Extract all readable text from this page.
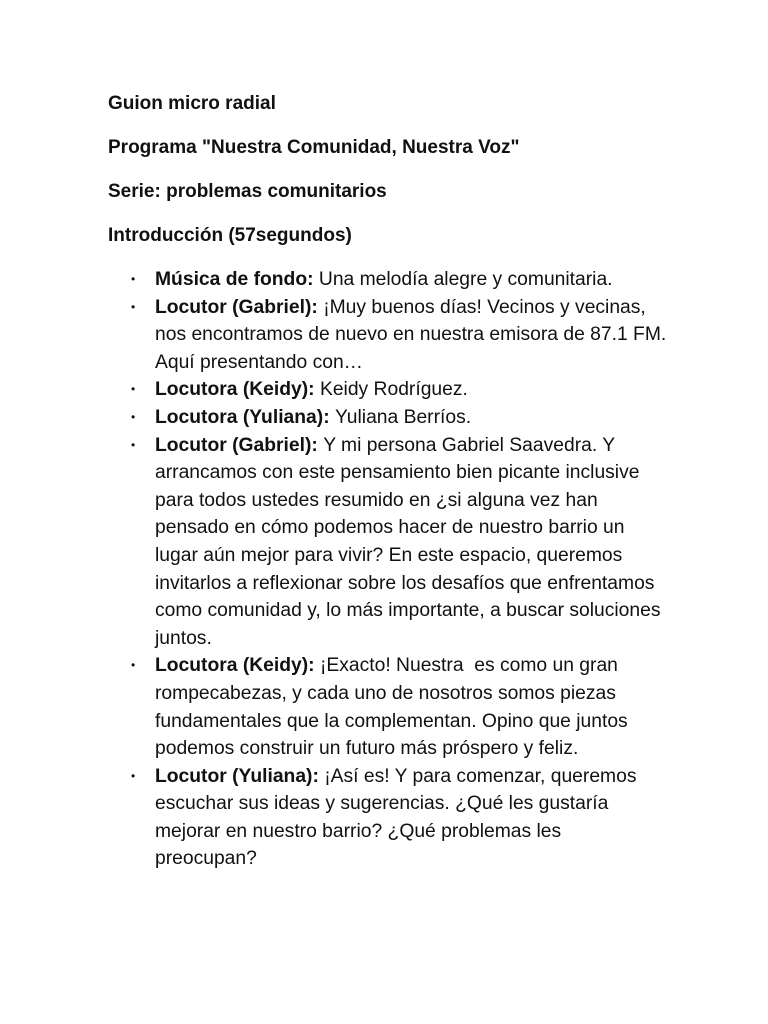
Guion micro radial
Programa "Nuestra Comunidad, Nuestra Voz"
Serie: problemas comunitarios
Introducción (57segundos)
• Música de fondo: Una melodía alegre y comunitaria.
• Locutor (Gabriel): ¡Muy buenos días! Vecinos y vecinas, nos encontramos de nuevo en nuestra emisora de 87.1 FM. Aquí presentando con…
• Locutora (Keidy): Keidy Rodríguez.
• Locutora (Yuliana): Yuliana Berríos.
• Locutor (Gabriel): Y mi persona Gabriel Saavedra. Y arrancamos con este pensamiento bien picante inclusive para todos ustedes resumido en ¿si alguna vez han pensado en cómo podemos hacer de nuestro barrio un lugar aún mejor para vivir? En este espacio, queremos invitarlos a reflexionar sobre los desafíos que enfrentamos como comunidad y, lo más importante, a buscar soluciones juntos.
• Locutora (Keidy): ¡Exacto! Nuestra  es como un gran rompecabezas, y cada uno de nosotros somos piezas fundamentales que la complementan. Opino que juntos podemos construir un futuro más próspero y feliz.
• Locutor (Yuliana): ¡Así es! Y para comenzar, queremos escuchar sus ideas y sugerencias. ¿Qué les gustaría mejorar en nuestro barrio? ¿Qué problemas les preocupan?
